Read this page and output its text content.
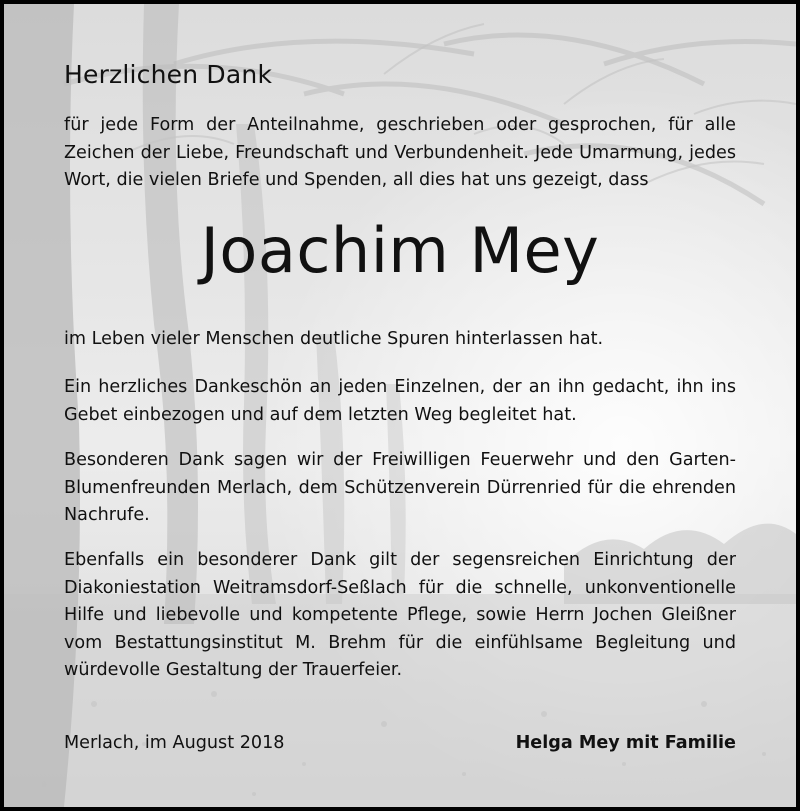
Herzlichen Dank
für jede Form der Anteilnahme, geschrieben oder gesprochen, für alle Zeichen der Liebe, Freundschaft und Verbundenheit. Jede Umarmung, jedes Wort, die vielen Briefe und Spenden, all dies hat uns gezeigt, dass
Joachim Mey
im Leben vieler Menschen deutliche Spuren hinterlassen hat.
Ein herzliches Dankeschön an jeden Einzelnen, der an ihn gedacht, ihn ins Gebet einbezogen und auf dem letzten Weg begleitet hat.
Besonderen Dank sagen wir der Freiwilligen Feuerwehr und den Garten-Blumenfreunden Merlach, dem Schützenverein Dürrenried für die ehrenden Nachrufe.
Ebenfalls ein besonderer Dank gilt der segensreichen Einrichtung der Diakoniestation Weitramsdorf-Seßlach für die schnelle, unkonventionelle Hilfe und liebevolle und kompetente Pflege, sowie Herrn Jochen Gleißner vom Bestattungsinstitut M. Brehm für die einfühlsame Begleitung und würdevolle Gestaltung der Trauerfeier.
Merlach, im August 2018	Helga Mey mit Familie
